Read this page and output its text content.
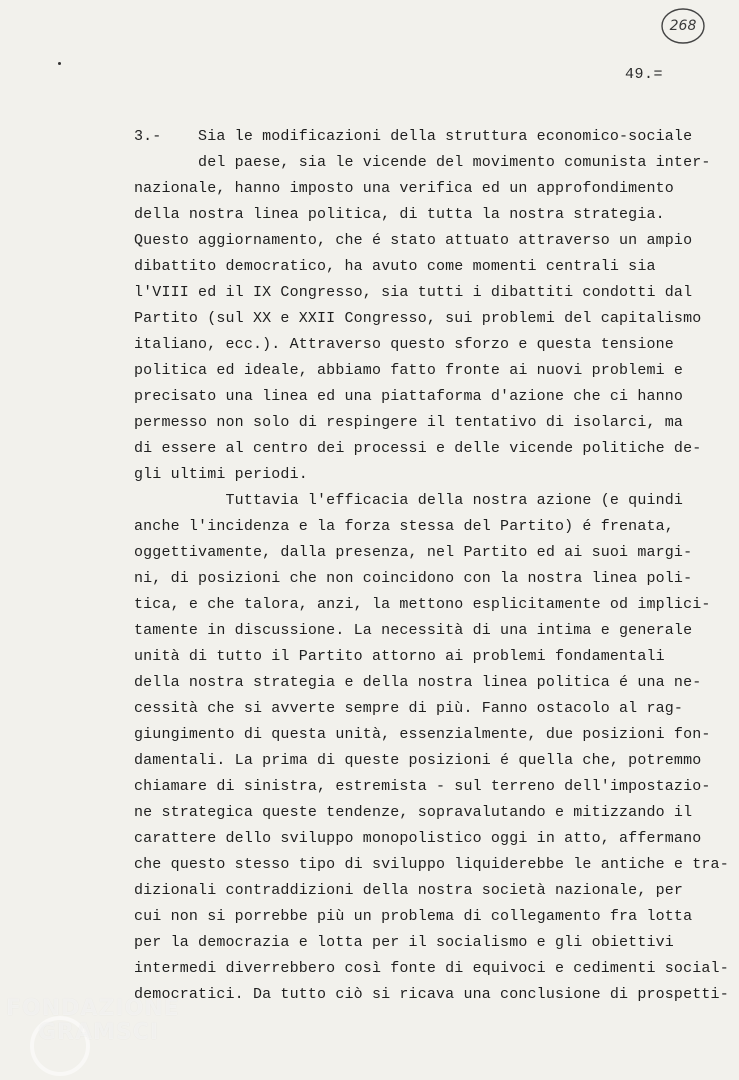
268
49.=
3.-    Sia le modificazioni della struttura economico-sociale
del paese, sia le vicende del movimento comunista inter-
nazionale, hanno imposto una verifica ed un approfondimento
della nostra linea politica, di tutta la nostra strategia.
Questo aggiornamento, che é stato attuato attraverso un ampio
dibattito democratico, ha avuto come momenti centrali sia
l'VIII ed il IX Congresso, sia tutti i dibattiti condotti dal
Partito (sul XX e XXII Congresso, sui problemi del capitalismo
italiano, ecc.). Attraverso questo sforzo e questa tensione
politica ed ideale, abbiamo fatto fronte ai nuovi problemi e
precisato una linea ed una piattaforma d'azione che ci hanno
permesso non solo di respingere il tentativo di isolarci, ma
di essere al centro dei processi e delle vicende politiche de-
gli ultimi periodi.
Tuttavia l'efficacia della nostra azione (e quindi
anche l'incidenza e la forza stessa del Partito) é frenata,
oggettivamente, dalla presenza, nel Partito ed ai suoi margi-
ni, di posizioni che non coincidono con la nostra linea poli-
tica, e che talora, anzi, la mettono esplicitamente od implici-
tamente in discussione. La necessità di una intima e generale
unità di tutto il Partito attorno ai problemi fondamentali
della nostra strategia e della nostra linea politica é una ne-
cessità che si avverte sempre di più. Fanno ostacolo al rag-
giungimento di questa unità, essenzialmente, due posizioni fon-
damentali. La prima di queste posizioni é quella che, potremmo
chiamare di sinistra, estremista - sul terreno dell'impostazio-
ne strategica queste tendenze, sopravalutando e mitizzando il
carattere dello sviluppo monopolistico oggi in atto, affermano
che questo stesso tipo di sviluppo liquiderebbe le antiche e tra-
dizionali contraddizioni della nostra società nazionale, per
cui non si porrebbe più un problema di collegamento fra lotta
per la democrazia e lotta per il socialismo e gli obiettivi
intermedi diverrebbero così fonte di equivoci e cedimenti social-
democratici. Da tutto ciò si ricava una conclusione di prospetti-
FONDAZIONE
GRAMSCI
